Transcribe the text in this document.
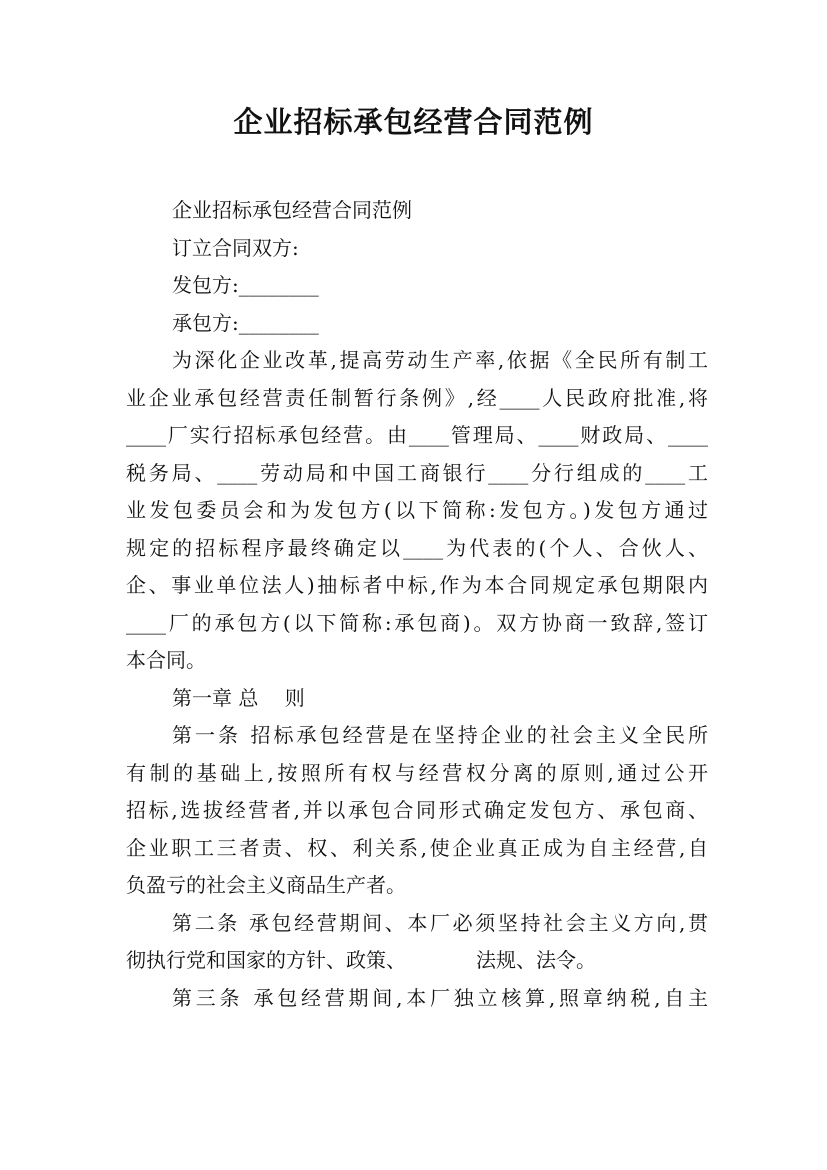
企业招标承包经营合同范例
企业招标承包经营合同范例
订立合同双方:
发包方:________
承包方:________
为深化企业改革,提高劳动生产率,依据《全民所有制工
业企业承包经营责任制暂行条例》,经____人民政府批准,将
____厂实行招标承包经营。由____管理局、____财政局、____
税务局、____劳动局和中国工商银行____分行组成的____工
业发包委员会和为发包方(以下简称:发包方。)发包方通过
规定的招标程序最终确定以____为代表的(个人、合伙人、
企、事业单位法人)抽标者中标,作为本合同规定承包期限内
____厂的承包方(以下简称:承包商)。双方协商一致辞,签订
本合同。
第一章 总　 则
第一条 招标承包经营是在坚持企业的社会主义全民所
有制的基础上,按照所有权与经营权分离的原则,通过公开
招标,选拔经营者,并以承包合同形式确定发包方、承包商、
企业职工三者责、权、利关系,使企业真正成为自主经营,自
负盈亏的社会主义商品生产者。
第二条 承包经营期间、本厂必须坚持社会主义方向,贯
彻执行党和国家的方针、政策、　　　　法规、法令。
第三条 承包经营期间,本厂独立核算,照章纳税,自主
